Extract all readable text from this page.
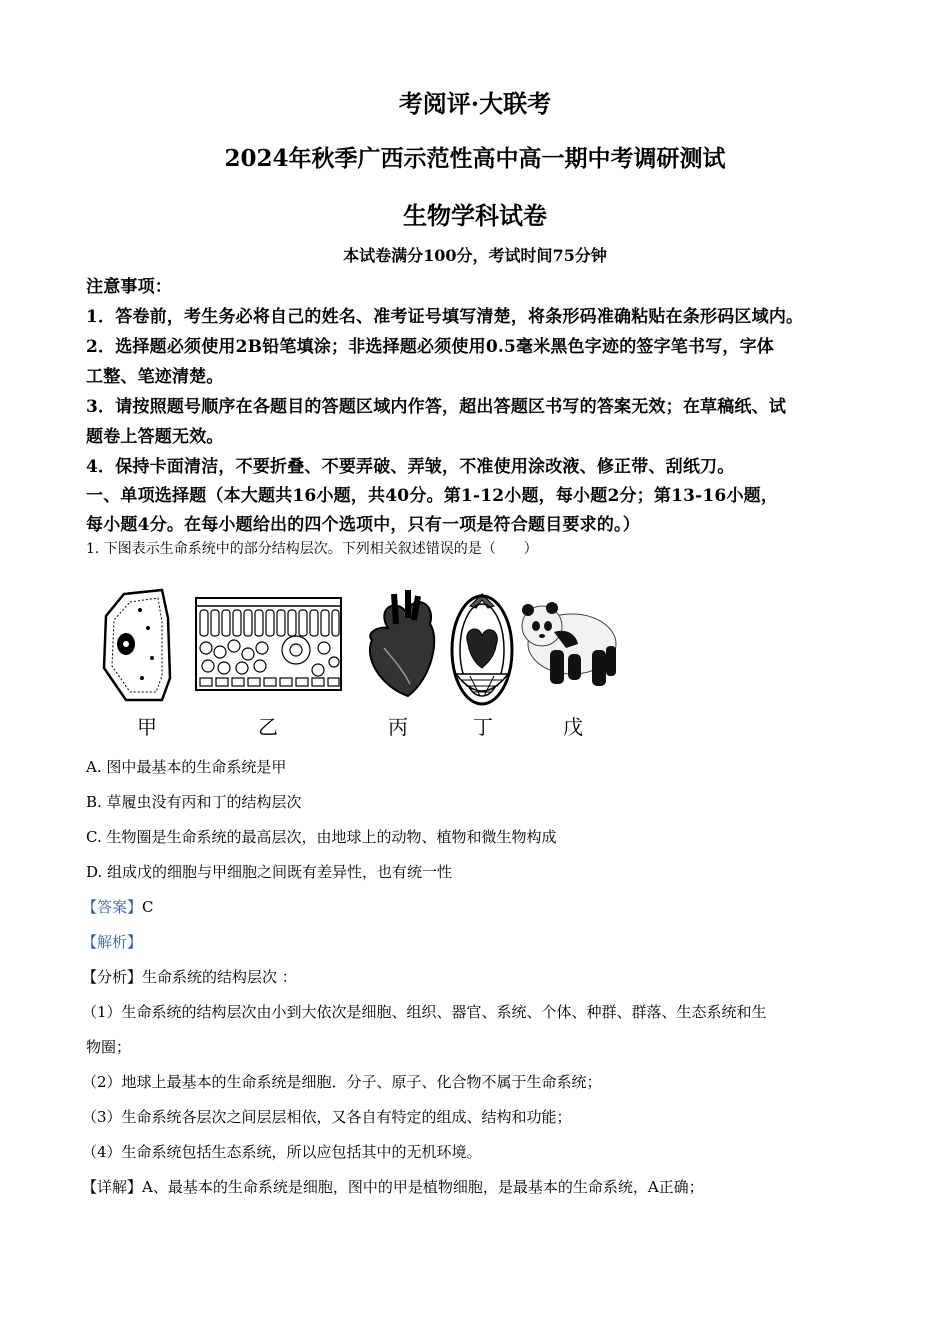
考阅评·大联考
2024年秋季广西示范性高中高一期中考调研测试
生物学科试卷
本试卷满分100分，考试时间75分钟
注意事项：
1．答卷前，考生务必将自己的姓名、准考证号填写清楚，将条形码准确粘贴在条形码区域内。
2．选择题必须使用2B铅笔填涂；非选择题必须使用0.5毫米黑色字迹的签字笔书写，字体
工整、笔迹清楚。
3．请按照题号顺序在各题目的答题区域内作答，超出答题区书写的答案无效；在草稿纸、试
题卷上答题无效。
4．保持卡面清洁，不要折叠、不要弄破、弄皱，不准使用涂改液、修正带、刮纸刀。
一、单项选择题（本大题共16小题，共40分。第1-12小题，每小题2分；第13-16小题，
每小题4分。在每小题给出的四个选项中，只有一项是符合题目要求的。）
1. 下图表示生命系统中的部分结构层次。下列相关叙述错误的是（　　）
甲	乙	丙	丁	戊
A. 图中最基本的生命系统是甲
B. 草履虫没有丙和丁的结构层次
C. 生物圈是生命系统的最高层次，由地球上的动物、植物和微生物构成
D. 组成戊的细胞与甲细胞之间既有差异性，也有统一性
【答案】C
【解析】
【分析】生命系统的结构层次 ：
（1）生命系统的结构层次由小到大依次是细胞、组织、器官、系统、个体、种群、群落、生态系统和生
物圈；
（2）地球上最基本的生命系统是细胞．分子、原子、化合物不属于生命系统；
（3）生命系统各层次之间层层相依，又各自有特定的组成、结构和功能；
（4）生命系统包括生态系统，所以应包括其中的无机环境。
【详解】A、最基本的生命系统是细胞，图中的甲是植物细胞，是最基本的生命系统，A正确；
